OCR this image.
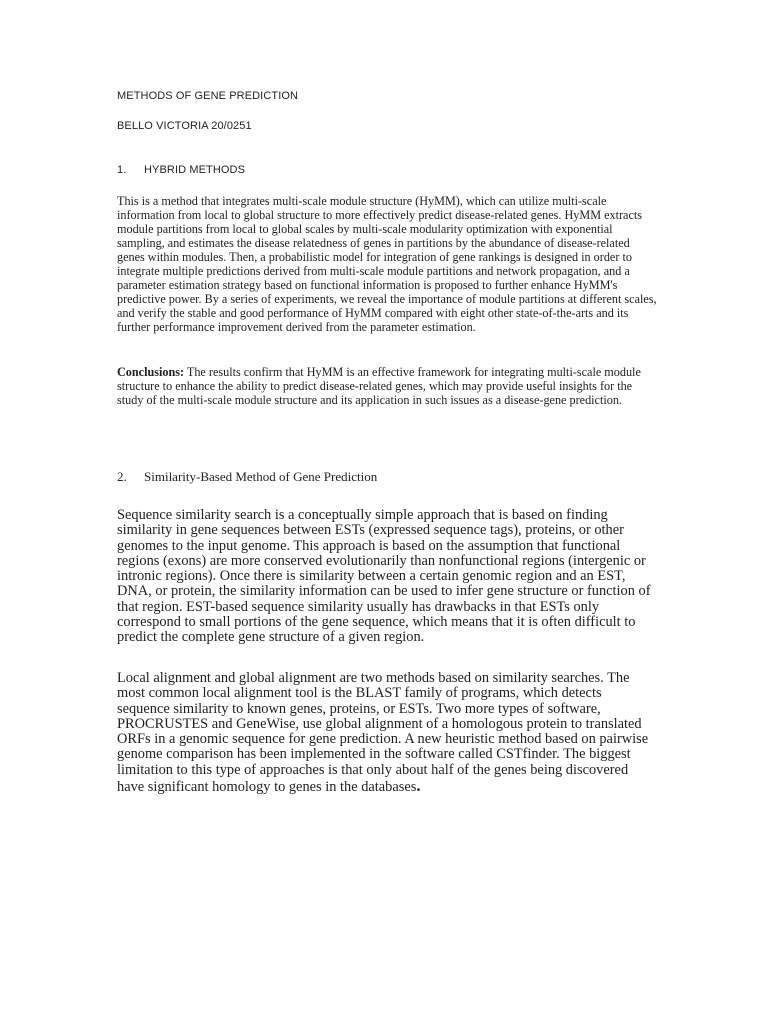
METHODS OF GENE PREDICTION
BELLO VICTORIA 20/0251
1. HYBRID METHODS

This is a method that integrates multi-scale module structure (HyMM), which can utilize multi-scale information from local to global structure to more effectively predict disease-related genes. HyMM extracts module partitions from local to global scales by multi-scale modularity optimization with exponential sampling, and estimates the disease relatedness of genes in partitions by the abundance of disease-related genes within modules. Then, a probabilistic model for integration of gene rankings is designed in order to integrate multiple predictions derived from multi-scale module partitions and network propagation, and a parameter estimation strategy based on functional information is proposed to further enhance HyMM's predictive power. By a series of experiments, we reveal the importance of module partitions at different scales, and verify the stable and good performance of HyMM compared with eight other state-of-the-arts and its further performance improvement derived from the parameter estimation.

Conclusions: The results confirm that HyMM is an effective framework for integrating multi-scale module structure to enhance the ability to predict disease-related genes, which may provide useful insights for the study of the multi-scale module structure and its application in such issues as a disease-gene prediction.

2. Similarity-Based Method of Gene Prediction

Sequence similarity search is a conceptually simple approach that is based on finding similarity in gene sequences between ESTs (expressed sequence tags), proteins, or other genomes to the input genome. This approach is based on the assumption that functional regions (exons) are more conserved evolutionarily than nonfunctional regions (intergenic or intronic regions). Once there is similarity between a certain genomic region and an EST, DNA, or protein, the similarity information can be used to infer gene structure or function of that region. EST-based sequence similarity usually has drawbacks in that ESTs only correspond to small portions of the gene sequence, which means that it is often difficult to predict the complete gene structure of a given region.

Local alignment and global alignment are two methods based on similarity searches. The most common local alignment tool is the BLAST family of programs, which detects sequence similarity to known genes, proteins, or ESTs. Two more types of software, PROCRUSTES and GeneWise, use global alignment of a homologous protein to translated ORFs in a genomic sequence for gene prediction. A new heuristic method based on pairwise genome comparison has been implemented in the software called CSTfinder. The biggest limitation to this type of approaches is that only about half of the genes being discovered have significant homology to genes in the databases.
